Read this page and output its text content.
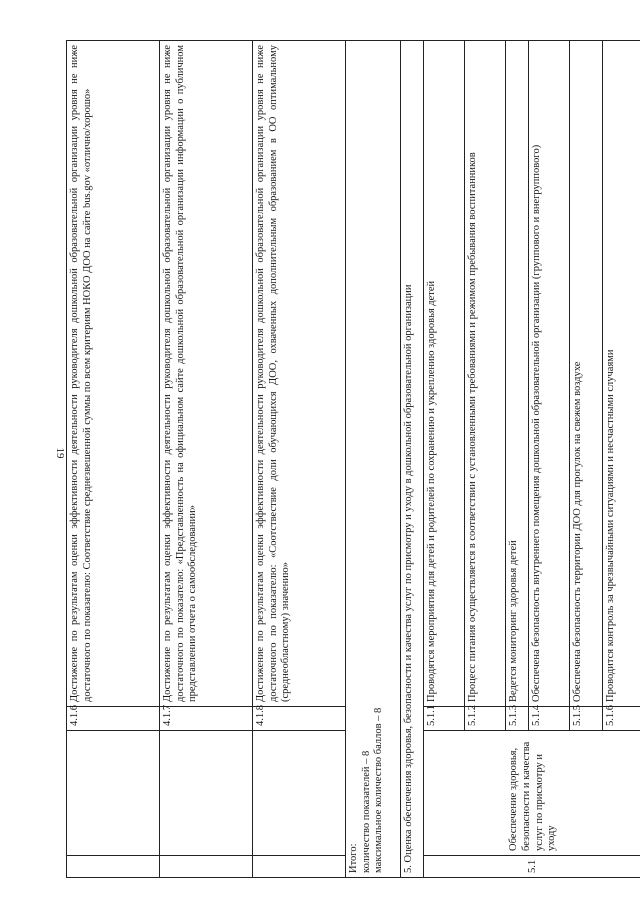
19
		4.1.6	Достижение по результатам оценки эффективности деятельности руководителя дошкольной образовательной организации уровня не ниже достаточного по показателю: Соответствие среднезвешенной суммы по всем критериям НОКО ДОО на сайте bus.gov «отлично/хорошо»
		4.1.7	Достижение по результатам оценки эффективности деятельности руководителя дошкольной образовательной организации уровня не ниже достаточного по показателю: «Представленность на официальном сайте дошкольной образовательной организации информации о публичном представлении отчета о самообследовании»
		4.1.8	Достижение по результатам оценки эффективности деятельности руководителя дошкольной образовательной организации уровня не ниже достаточного по показателю: «Соотствествие доли обучающихся ДОО, охваченных дополнительным образованием в ОО оптимальному (среднеобластному) значению»

Итого: количество показателей – 8 максимальное количество баллов – 8			

5. Оценка обеспечения здоровья, безопасности и качества услуг по присмотру и уходу в дошкольной образовательной организации			
5.1	Обеспечение здоровья, безопасности и качества услуг по присмотру и уходу	5.1.1	Проводятся мероприятия для детей и родителей по сохранению и укреплению здоровья детей
		5.1.2	Процесс питания осуществляется в соответствии с установленными требованиями и режимом пребывания воспитанников
		5.1.3	Ведется мониторинг здоровья детей
		5.1.4	Обеспечена безопасность внутреннего помещения дошкольной образовательной организации (группового и внегруппового)
		5.1.5	Обеспечена безопасность территории ДОО для прогулок на свежем воздухе
		5.1.6	Проводится контроль за чрезвычайными ситуациями и несчастными случаями
